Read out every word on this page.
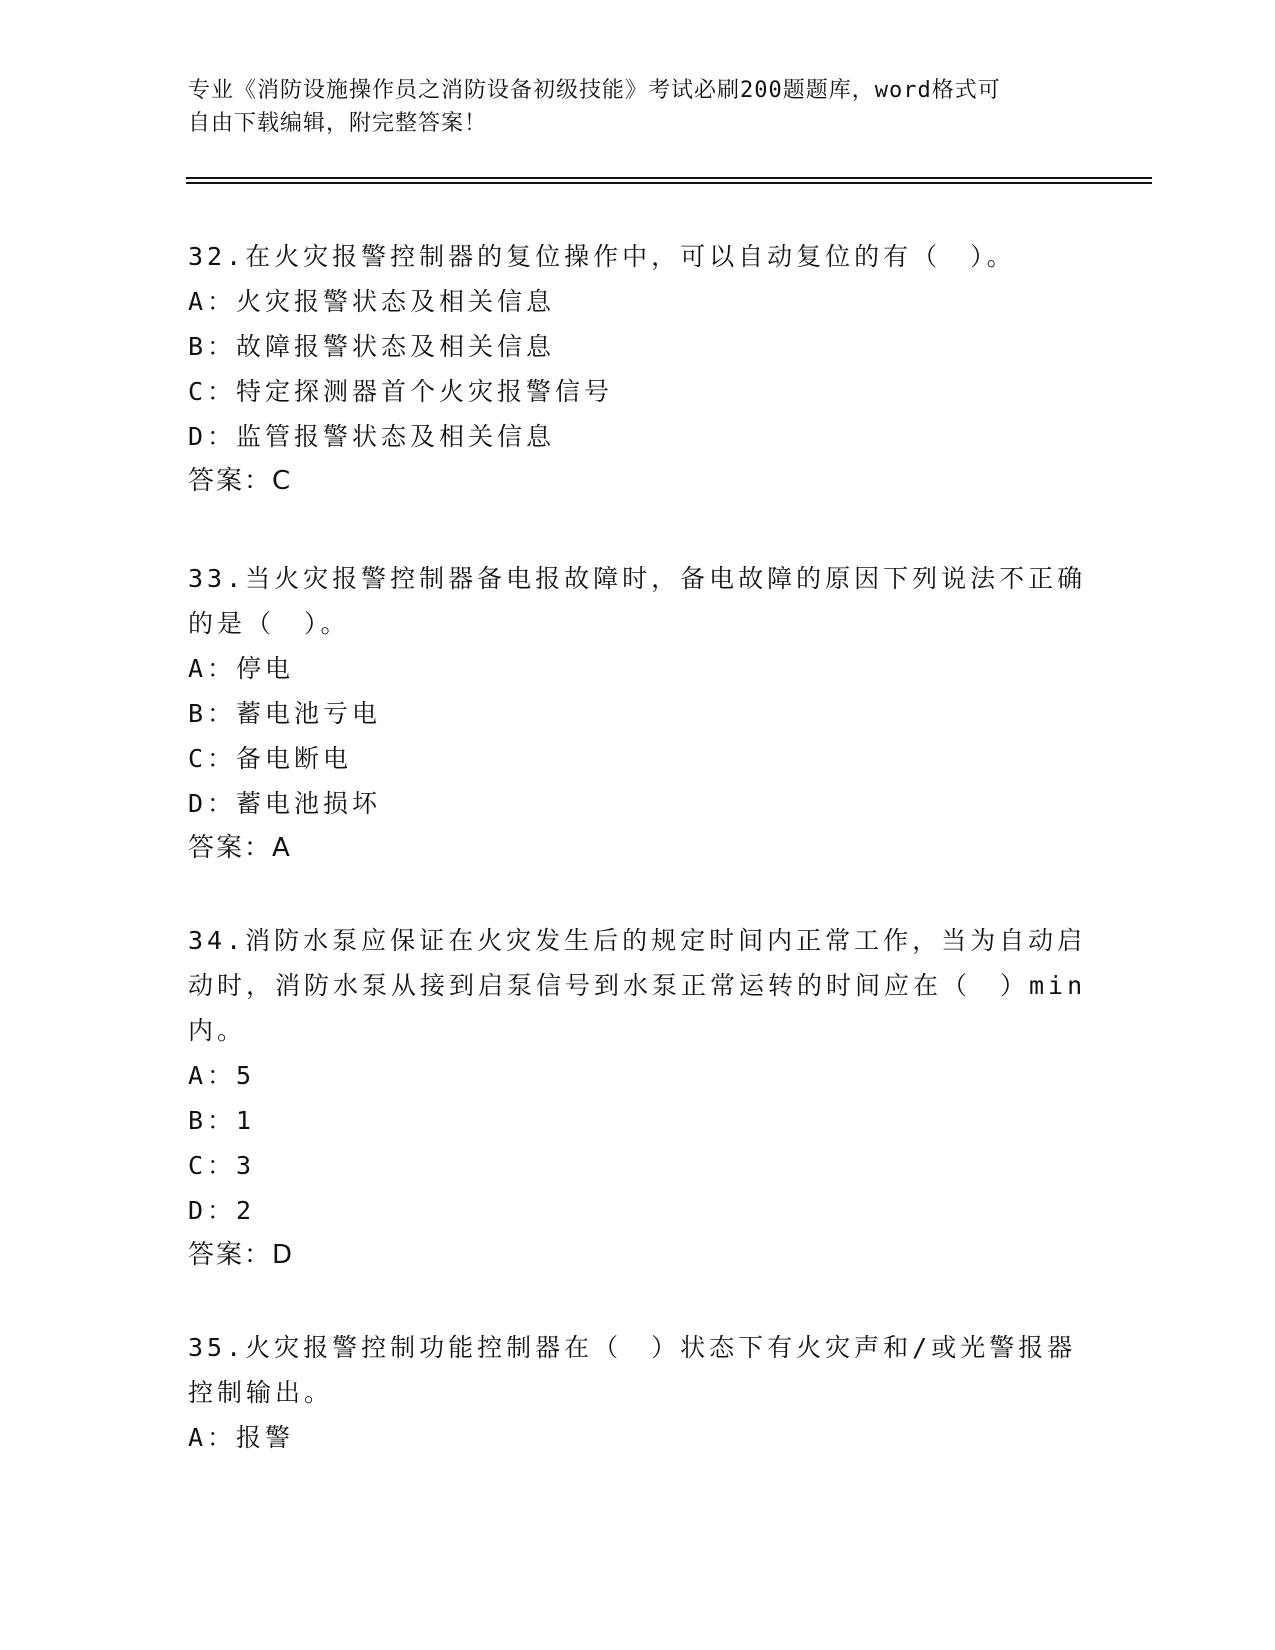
专业《消防设施操作员之消防设备初级技能》考试必刷200题题库，word格式可
自由下载编辑，附完整答案！
32.在火灾报警控制器的复位操作中，可以自动复位的有（　）。
A：火灾报警状态及相关信息
B：故障报警状态及相关信息
C：特定探测器首个火灾报警信号
D：监管报警状态及相关信息
答案：C
33.当火灾报警控制器备电报故障时，备电故障的原因下列说法不正确
的是（　）。
A：停电
B：蓄电池亏电
C：备电断电
D：蓄电池损坏
答案：A
34.消防水泵应保证在火灾发生后的规定时间内正常工作，当为自动启
动时，消防水泵从接到启泵信号到水泵正常运转的时间应在（　）min
内。
A：5
B：1
C：3
D：2
答案：D
35.火灾报警控制功能控制器在（　）状态下有火灾声和/或光警报器
控制输出。
A：报警
